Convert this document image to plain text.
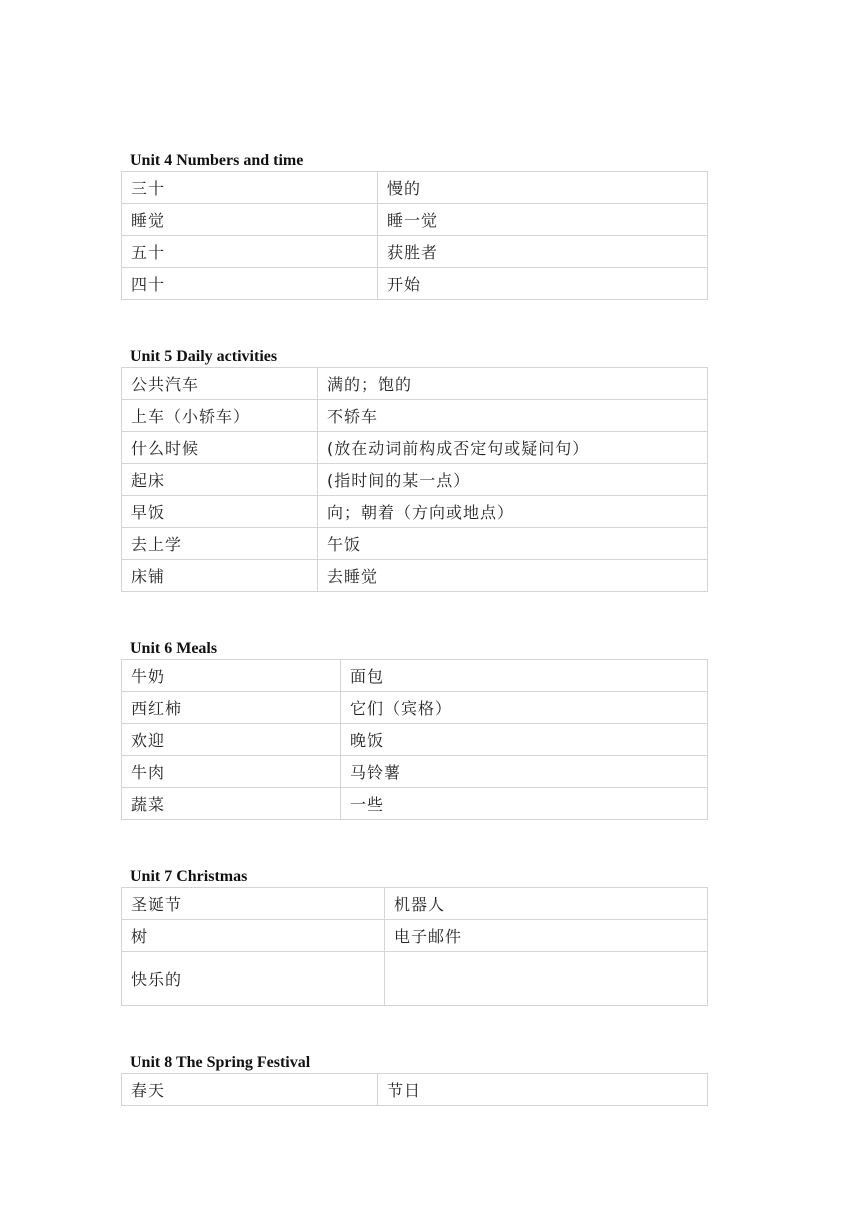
Unit 4 Numbers and time
三十	慢的
睡觉	睡一觉
五十	获胜者
四十	开始
Unit 5 Daily activities
公共汽车	满的；饱的
上车（小轿车）	不轿车
什么时候	(放在动词前构成否定句或疑问句）
起床	(指时间的某一点）
早饭	向；朝着（方向或地点）
去上学	午饭
床铺	去睡觉
Unit 6 Meals
牛奶	面包
西红柿	它们（宾格）
欢迎	晚饭
牛肉	马铃薯
蔬菜	一些
Unit 7 Christmas
圣诞节	机器人
树	电子邮件
快乐的	
Unit 8 The Spring Festival
春天	节日
